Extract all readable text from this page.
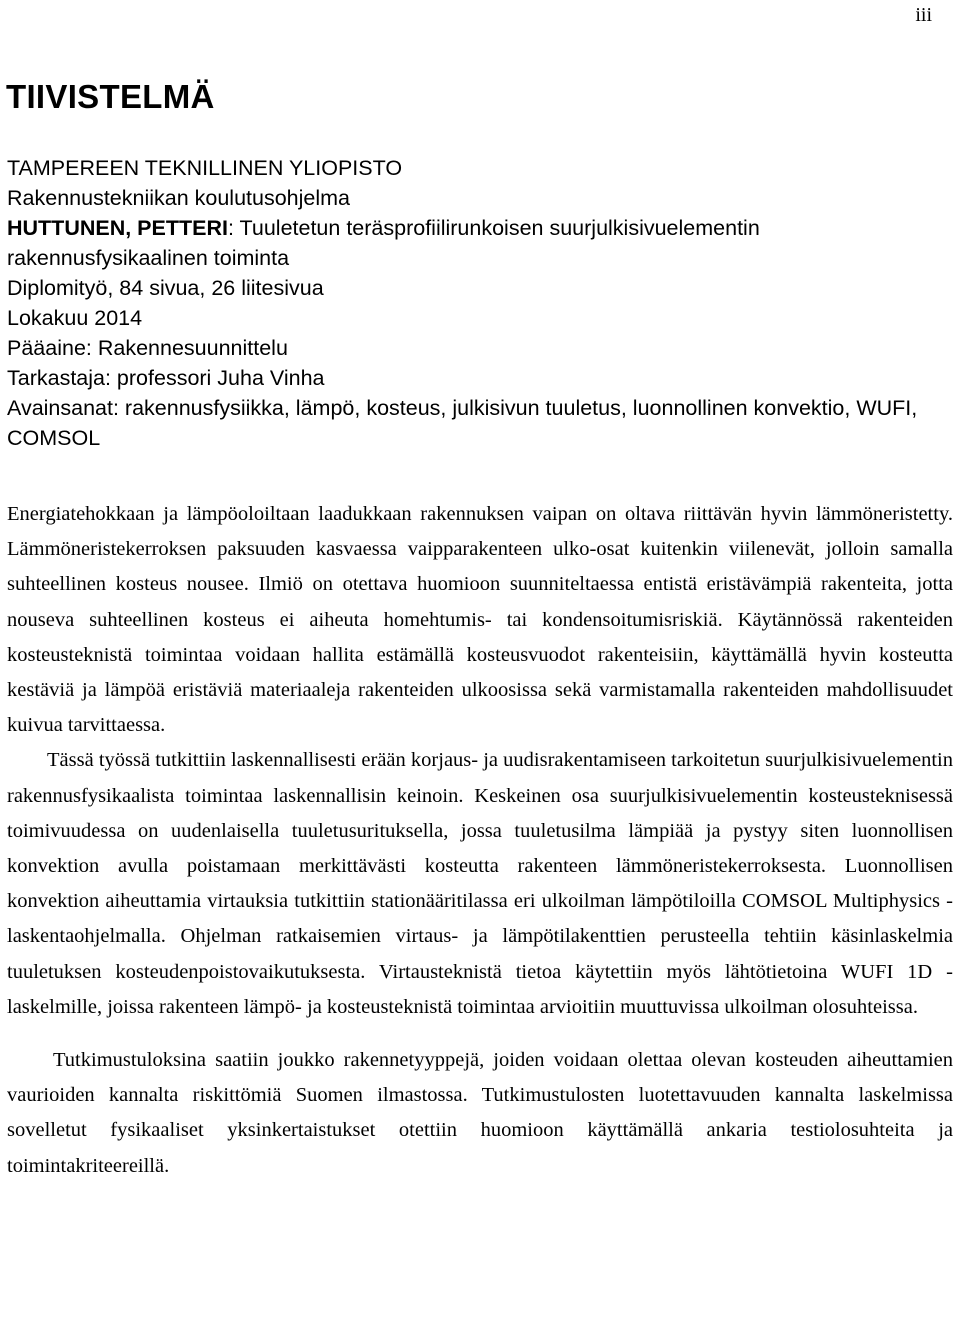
iii
TIIVISTELMÄ
TAMPEREEN TEKNILLINEN YLIOPISTO
Rakennustekniikan koulutusohjelma
HUTTUNEN, PETTERI: Tuuletetun teräsprofiilirunkoisen suurjulkisivuelementin rakennusfysikaalinen toiminta
Diplomityö, 84 sivua, 26 liitesivua
Lokakuu 2014
Pääaine: Rakennesuunnittelu
Tarkastaja: professori Juha Vinha
Avainsanat: rakennusfysiikka, lämpö, kosteus, julkisivun tuuletus, luonnollinen konvektio, WUFI, COMSOL

Energiatehokkaan ja lämpöoloiltaan laadukkaan rakennuksen vaipan on oltava riittävän hyvin lämmöneristetty. Lämmöneristekerroksen paksuuden kasvaessa vaipparakenteen ulko-osat kuitenkin viilenevät, jolloin samalla suhteellinen kosteus nousee. Ilmiö on otettava huomioon suunniteltaessa entistä eristävämpiä rakenteita, jotta nouseva suhteellinen kosteus ei aiheuta homehtumis- tai kondensoitumisriskiä. Käytännössä rakenteiden kosteusteknistä toimintaa voidaan hallita estämällä kosteusvuodot rakenteisiin, käyttämällä hyvin kosteutta kestäviä ja lämpöä eristäviä materiaaleja rakenteiden ulkoosissa sekä varmistamalla rakenteiden mahdollisuudet kuivua tarvittaessa.

Tässä työssä tutkittiin laskennallisesti erään korjaus- ja uudisrakentamiseen tarkoitetun suurjulkisivuelementin rakennusfysikaalista toimintaa laskennallisin keinoin. Keskeinen osa suurjulkisivuelementin kosteusteknisessä toimivuudessa on uudenlaisella tuuletusurituksella, jossa tuuletusilma lämpiää ja pystyy siten luonnollisen konvektion avulla poistamaan merkittävästi kosteutta rakenteen lämmöneristekerroksesta. Luonnollisen konvektion aiheuttamia virtauksia tutkittiin stationääritilassa eri ulkoilman lämpötiloilla COMSOL Multiphysics -laskentaohjelmalla. Ohjelman ratkaisemien virtaus- ja lämpötilakenttien perusteella tehtiin käsinlaskelmia tuuletuksen kosteudenpoistovaikutuksesta. Virtausteknistä tietoa käytettiin myös lähtötietoina WUFI 1D -laskelmille, joissa rakenteen lämpö- ja kosteusteknistä toimintaa arvioitiin muuttuvissa ulkoilman olosuhteissa.

Tutkimustuloksina saatiin joukko rakennetyyppejä, joiden voidaan olettaa olevan kosteuden aiheuttamien vaurioiden kannalta riskittömiä Suomen ilmastossa. Tutkimustulosten luotettavuuden kannalta laskelmissa sovelletut fysikaaliset yksinkertaistukset otettiin huomioon käyttämällä ankaria testiolosuhteita ja toimintakriteereillä.
